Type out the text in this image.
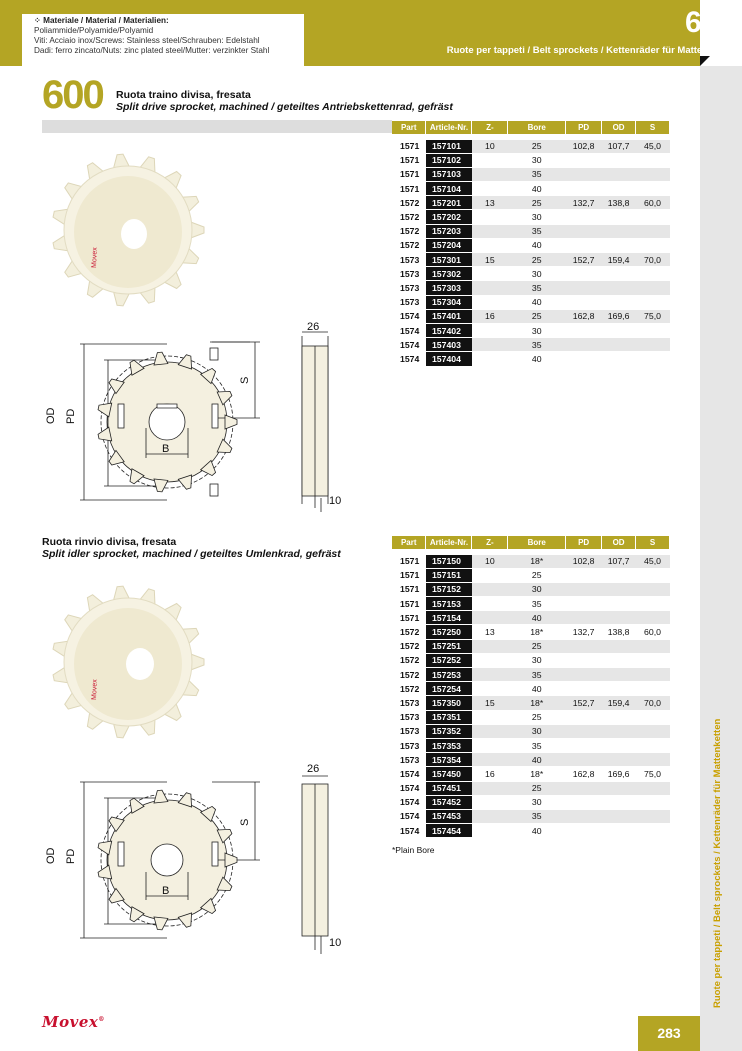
⁘ Materiale / Material / Materialien:
Poliammide/Polyamide/Polyamid
Viti: Acciaio inox/Screws: Stainless steel/Schrauben: Edelstahl
Dadi: ferro zincato/Nuts: zinc plated steel/Mutter: verzinkter Stahl
600
Ruote per tappeti / Belt sprockets / Kettenräder für Mattenketten
Ruote per tappeti / Belt sprockets / Kettenräder für Mattenketten
600 Ruota traino divisa, fresata
Split drive sprocket, machined / geteiltes Antriebskettenrad, gefräst
Movex
OD PD
B
S
26
10
Part	Article-Nr.	Z-	Bore	PD	OD	S

1571	157101	10	25	102,8	107,7	45,0
1571	157102		30			
1571	157103		35			
1571	157104		40			
1572	157201	13	25	132,7	138,8	60,0
1572	157202		30			
1572	157203		35			
1572	157204		40			
1573	157301	15	25	152,7	159,4	70,0
1573	157302		30			
1573	157303		35			
1573	157304		40			
1574	157401	16	25	162,8	169,6	75,0
1574	157402		30			
1574	157403		35			
1574	157404		40			
Ruota rinvio divisa, fresata
Split idler sprocket, machined / geteiltes Umlenkrad, gefräst
Movex
OD PD
B
S
26
10
Part	Article-Nr.	Z-	Bore	PD	OD	S

1571	157150	10	18*	102,8	107,7	45,0
1571	157151		25			
1571	157152		30			
1571	157153		35			
1571	157154		40			
1572	157250	13	18*	132,7	138,8	60,0
1572	157251		25			
1572	157252		30			
1572	157253		35			
1572	157254		40			
1573	157350	15	18*	152,7	159,4	70,0
1573	157351		25			
1573	157352		30			
1573	157353		35			
1573	157354		40			
1574	157450	16	18*	162,8	169,6	75,0
1574	157451		25			
1574	157452		30			
1574	157453		35			
1574	157454		40			
*Plain Bore
Movex®
283
